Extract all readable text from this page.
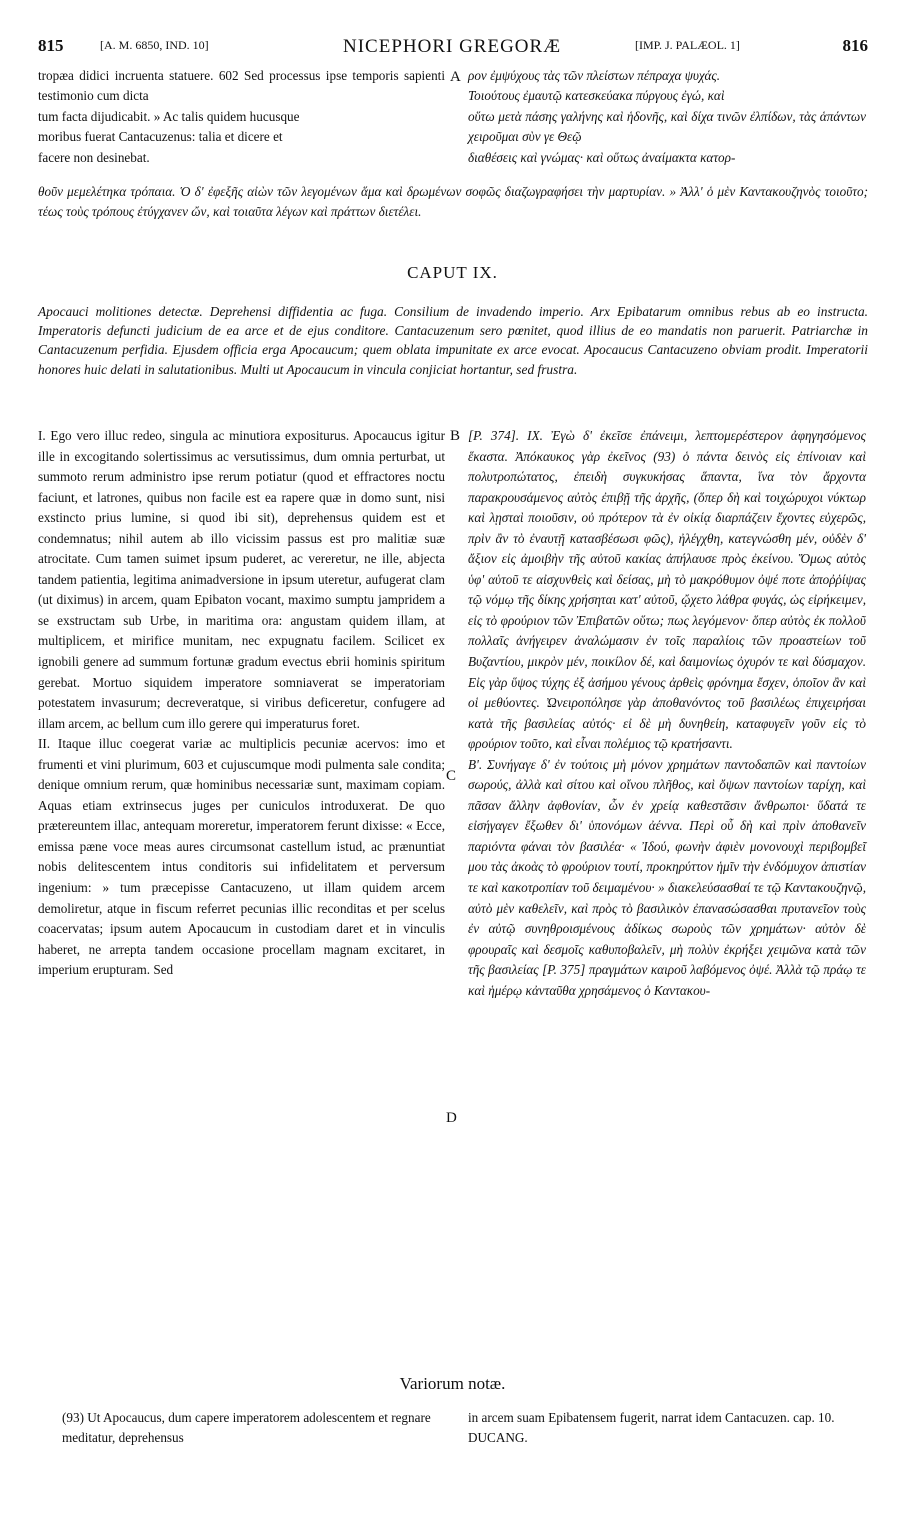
815	[A. M. 6850, IND. 10]	NICEPHORI GREGORÆ	[IMP. J. PALÆOL. 1]	816
tropæa didici incruenta statuere. 602 Sed processus ipse temporis sapienti testimonio cum dicta
tum facta dijudicabit. » Ac talis quidem hucusque
moribus fuerat Cantacuzenus: talia et dicere et
facere non desinebat.
A ρον ἐμψύχους τὰς τῶν πλείστων πέπραχα ψυχάς.
Τοιούτους ἐμαυτῷ κατεσκεύακα πύργους ἐγώ, καὶ
οὕτω μετὰ πάσης γαλήνης καὶ ἡδονῆς, καὶ δίχα τινῶν ἐλπίδων, τὰς ἁπάντων χειροῦμαι σὺν γε Θεῷ
διαθέσεις καὶ γνώμας· καὶ οὕτως ἀναίμακτα κατορ-
θοῦν μεμελέτηκα τρόπαια. Ὁ δ' ἐφεξῆς αἰὼν τῶν λεγομένων ἅμα καὶ δρωμένων σοφῶς διαζωγραφήσει τὴν μαρτυρίαν. » Ἀλλ' ὁ μὲν Καντακουζηνὸς τοιοῦτο; τέως τοὺς τρόπους ἐτύγχανεν ὤν, καὶ τοιαῦτα λέγων καὶ πράττων διετέλει.
CAPUT IX.
Apocauci molitiones detectæ. Deprehensi diffidentia ac fuga. Consilium de invadendo imperio. Arx Epibatarum omnibus rebus ab eo instructa. Imperatoris defuncti judicium de ea arce et de ejus conditore. Cantacuzenum sero pœnitet, quod illius de eo mandatis non paruerit. Patriarchæ in Cantacuzenum perfidia. Ejusdem officia erga Apocaucum; quem oblata impunitate ex arce evocat. Apocaucus Cantacuzeno obviam prodit. Imperatorii honores huic delati in salutationibus. Multi ut Apocaucum in vincula conjiciat hortantur, sed frustra.
I. Ego vero illuc redeo, singula ac minutiora expositurus. Apocaucus igitur ille in excogitando solertissimus ac versutissimus, dum omnia perturbat, ut summoto rerum administro ipse rerum potiatur (quod et effractores noctu faciunt, et latrones, quibus non facile est ea rapere quæ in domo sunt, nisi exstincto prius lumine, si quod ibi sit), deprehensus quidem est et condemnatus; nihil autem ab illo vicissim passus est pro malitiæ suæ atrocitate. Cum tamen suimet ipsum puderet, ac vereretur, ne ille, abjecta tandem patientia, legitima animadversione in ipsum uteretur, aufugerat clam (ut diximus) in arcem, quam Epibaton vocant, maximo sumptu jampridem a se exstructam sub Urbe, in maritima ora: angustam quidem illam, at multiplicem, et mirifice munitam, nec expugnatu facilem. Scilicet ex ignobili genere ad summum fortunæ gradum evectus ebrii hominis spiritum gerebat. Mortuo siquidem imperatore somniaverat se imperatoriam potestatem invasurum; decreveratque, si viribus deficeretur, confugere ad illam arcem, ac bellum cum illo gerere qui imperaturus foret.
II. Itaque illuc coegerat variæ ac multiplicis pecuniæ acervos: imo et frumenti et vini plurimum, 603 et cujuscumque modi pulmenta sale condita; denique omnium rerum, quæ hominibus necessariæ sunt, maximam copiam. Aquas etiam extrinsecus juges per cuniculos introduxerat. De quo prætereuntem illac, antequam moreretur, imperatorem ferunt dixisse: « Ecce, emissa pæne voce meas aures circumsonat castellum istud, ac prænuntiat nobis delitescentem intus conditoris sui infidelitatem et perversum ingenium: » tum præcepisse Cantacuzeno, ut illam quidem arcem demoliretur, atque in fiscum referret pecunias illic reconditas et per scelus coacervatas; ipsum autem Apocaucum in custodiam daret et in vinculis haberet, ne arrepta tandem occasione procellam magnam excitaret, in imperium erupturam. Sed
B
C
D
[P. 374]. IX. Ἐγὼ δ' ἐκεῖσε ἐπάνειμι, λεπτομερέστερον ἀφηγησόμενος ἕκαστα. Ἀπόκαυκος γὰρ ἐκεῖνος (93) ὁ πάντα δεινὸς εἰς ἐπίνοιαν καὶ πολυτροπώτατος, ἐπειδὴ συγκυκήσας ἅπαντα, ἵνα τὸν ἄρχοντα παρακρουσάμενος αὐτὸς ἐπιβῇ τῆς ἀρχῆς, (ὅπερ δὴ καὶ τοιχώρυχοι νύκτωρ καὶ λῃσταὶ ποιοῦσιν, οὐ πρότερον τὰ ἐν οἰκίᾳ διαρπάζειν ἔχοντες εὐχερῶς, πρὶν ἂν τὸ ἐναυτῇ κατασβέσωσι φῶς), ἠλέγχθη, κατεγνώσθη μέν, οὐδὲν δ' ἄξιον εἰς ἀμοιβὴν τῆς αὐτοῦ κακίας ἀπήλαυσε πρὸς ἐκείνου. Ὅμως αὐτὸς ὑφ' αὑτοῦ τε αἰσχυνθεὶς καὶ δείσας, μὴ τὸ μακρόθυμον ὀψέ ποτε ἀποῤῥίψας τῷ νόμῳ τῆς δίκης χρήσηται κατ' αὐτοῦ, ᾤχετο λάθρα φυγάς, ὡς εἰρήκειμεν, εἰς τὸ φρούριον τῶν Ἐπιβατῶν οὕτω; πως λεγόμενον· ὅπερ αὐτὸς ἐκ πολλοῦ πολλαῖς ἀνήγειρεν ἀναλώμασιν ἐν τοῖς παραλίοις τῶν προαστείων τοῦ Βυζαντίου, μικρὸν μέν, ποικίλον δέ, καὶ δαιμονίως ὀχυρόν τε καὶ δύσμαχον. Εἰς γὰρ ὕψος τύχης ἐξ ἀσήμου γένους ἀρθεὶς φρόνημα ἔσχεν, ὁποῖον ἂν καὶ οἱ μεθύοντες. Ὠνειροπόλησε γὰρ ἀποθανόντος τοῦ βασιλέως ἐπιχειρήσαι κατὰ τῆς βασιλείας αὐτός· εἰ δὲ μὴ δυνηθείη, καταφυγεῖν γοῦν εἰς τὸ φρούριον τοῦτο, καὶ εἶναι πολέμιος τῷ κρατήσαντι.
Β'. Συνήγαγε δ' ἐν τούτοις μὴ μόνον χρημάτων παντοδαπῶν καὶ παντοίων σωρούς, ἀλλὰ καὶ σίτου καὶ οἴνου πλῆθος, καὶ ὄψων παντοίων ταρίχη, καὶ πᾶσαν ἄλλην ἀφθονίαν, ὧν ἐν χρείᾳ καθεστᾶσιν ἄνθρωποι· ὕδατά τε εἰσήγαγεν ἔξωθεν δι' ὑπονόμων ἀέννα. Περὶ οὗ δὴ καὶ πρὶν ἀποθανεῖν παριόντα φάναι τὸν βασιλέα· « Ἰδού, φωνὴν ἀφιὲν μονονουχὶ περιβομβεῖ μου τὰς ἀκοὰς τὸ φρούριον τουτί, προκηρύττον ἡμῖν τὴν ἐνδόμυχον ἀπιστίαν τε καὶ κακοτροπίαν τοῦ δειμαμένου· » διακελεύσασθαί τε τῷ Καντακουζηνῷ, αὐτὸ μὲν καθελεῖν, καὶ πρὸς τὸ βασιλικὸν ἐπανασώσασθαι πρυτανεῖον τοὺς ἐν αὐτῷ συνηθροισμένους ἀδίκως σωροὺς τῶν χρημάτων· αὐτὸν δὲ φρουραῖς καὶ δεσμοῖς καθυποβαλεῖν, μὴ πολὺν ἐκρήξει χειμῶνα κατὰ τῶν τῆς βασιλείας [P. 375] πραγμάτων καιροῦ λαβόμενος ὀψέ. Ἀλλὰ τῷ πράῳ τε καὶ ἡμέρῳ κἀνταῦθα χρησάμενος ὁ Καντακου-
Variorum notæ.
(93) Ut Apocaucus, dum capere imperatorem adolescentem et regnare meditatur, deprehensus
in arcem suam Epibatensem fugerit, narrat idem Cantacuzen. cap. 10. DUCANG.
